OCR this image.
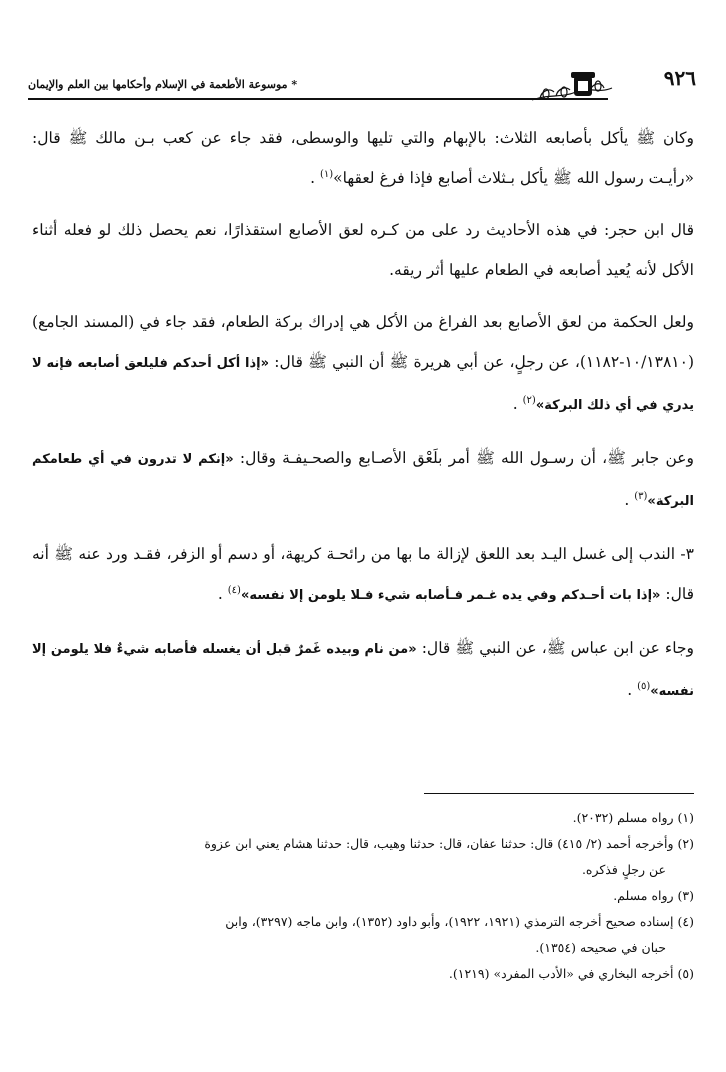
* موسوعة الأطعمة في الإسلام وأحكامها بين العلم والإيمان	٩٢٦

وكان ﷺ يأكل بأصابعه الثلاث: بالإبهام والتي تليها والوسطى، فقد جاء عن كعب بـن مالك ﷺ قال: «رأيـت رسول الله ﷺ يأكل بـثلاث أصابع فإذا فرغ لعقها»$^{(١)}$ .

قال ابن حجر: في هذه الأحاديث رد على من كـره لعق الأصابع استقذارًا، نعم يحصل ذلك لو فعله أثناء الأكل لأنه يُعيد أصابعه في الطعام عليها أثر ريقه.

ولعل الحكمة من لعق الأصابع بعد الفراغ من الأكل هي إدراك بركة الطعام، فقد جاء في (المسند الجامع) (١٠/١٣٨١٠-١١٨٢)، عن رجلٍ، عن أبي هريرة ﷺ أن النبي ﷺ قال: «إذا أكل أحدكم فليلعق أصابعه فإنه لا يدري في أي ذلك البركة»$^{(٢)}$ .

وعن جابر ﷺ، أن رسـول الله ﷺ أمر بلَعْق الأصـابع والصحـيفـة وقال: «إنكم لا تدرون في أي طعامكم البركة»$^{(٣)}$ .

٣- الندب إلى غسل اليـد بعد اللعق لإزالة ما بها من رائحـة كريهة، أو دسم أو الزفر، فقـد ورد عنه ﷺ أنه قال: «إذا بات أحـدكم وفي يده غـمر فـأصابه شيء فـلا يلومن إلا نفسه»$^{(٤)}$ .

وجاء عن ابن عباس ﷺ، عن النبي ﷺ قال: «من نام وبيده غَمرٌ قبل أن يغسله فأصابه شيءٌ فلا يلومن إلا نفسه»$^{(٥)}$ .

(١) رواه مسلم (٢٠٣٢).

(٢) وأخرجه أحمد (٢/ ٤١٥) قال: حدثنا عفان، قال: حدثنا وهيب، قال: حدثنا هشام يعني ابن عزوة

عن رجلٍ فذكره.

(٣) رواه مسلم.

(٤) إسناده صحيح أخرجه الترمذي (١٩٢١، ١٩٢٢)، وأبو داود (١٣٥٢)، وابن ماجه (٣٢٩٧)، وابن

حبان في صحيحه (١٣٥٤).

(٥) أخرجه البخاري في «الأدب المفرد» (١٢١٩).
